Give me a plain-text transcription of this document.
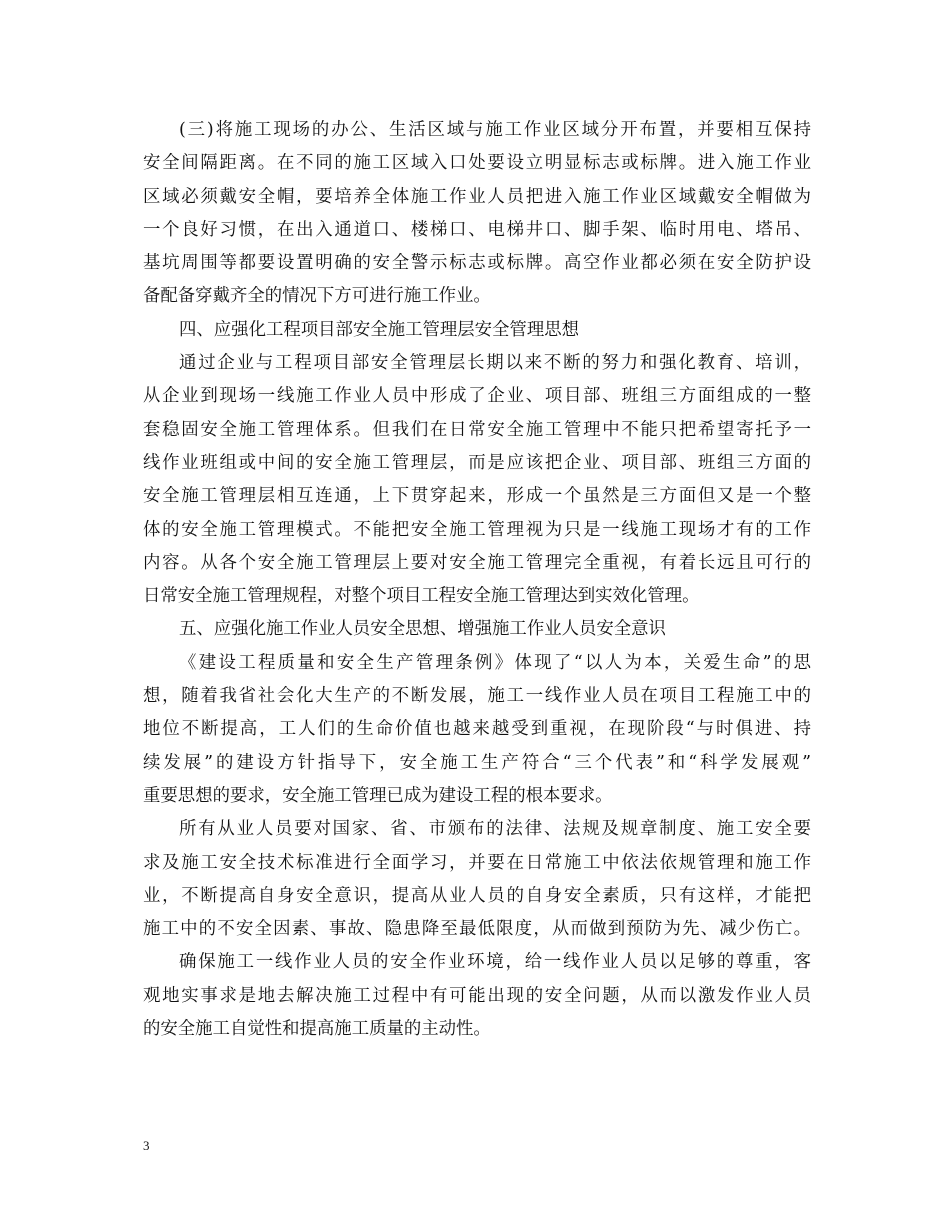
(三)将施工现场的办公、生活区域与施工作业区域分开布置，并要相互保持
安全间隔距离。在不同的施工区域入口处要设立明显标志或标牌。进入施工作业
区域必须戴安全帽，要培养全体施工作业人员把进入施工作业区域戴安全帽做为
一个良好习惯，在出入通道口、楼梯口、电梯井口、脚手架、临时用电、塔吊、
基坑周围等都要设置明确的安全警示标志或标牌。高空作业都必须在安全防护设
备配备穿戴齐全的情况下方可进行施工作业。
四、应强化工程项目部安全施工管理层安全管理思想
通过企业与工程项目部安全管理层长期以来不断的努力和强化教育、培训，
从企业到现场一线施工作业人员中形成了企业、项目部、班组三方面组成的一整
套稳固安全施工管理体系。但我们在日常安全施工管理中不能只把希望寄托予一
线作业班组或中间的安全施工管理层，而是应该把企业、项目部、班组三方面的
安全施工管理层相互连通，上下贯穿起来，形成一个虽然是三方面但又是一个整
体的安全施工管理模式。不能把安全施工管理视为只是一线施工现场才有的工作
内容。从各个安全施工管理层上要对安全施工管理完全重视，有着长远且可行的
日常安全施工管理规程，对整个项目工程安全施工管理达到实效化管理。
五、应强化施工作业人员安全思想、增强施工作业人员安全意识
《建设工程质量和安全生产管理条例》体现了“以人为本，关爱生命”的思
想，随着我省社会化大生产的不断发展，施工一线作业人员在项目工程施工中的
地位不断提高，工人们的生命价值也越来越受到重视，在现阶段“与时俱进、持
续发展”的建设方针指导下，安全施工生产符合“三个代表”和“科学发展观”
重要思想的要求，安全施工管理已成为建设工程的根本要求。
所有从业人员要对国家、省、市颁布的法律、法规及规章制度、施工安全要
求及施工安全技术标准进行全面学习，并要在日常施工中依法依规管理和施工作
业，不断提高自身安全意识，提高从业人员的自身安全素质，只有这样，才能把
施工中的不安全因素、事故、隐患降至最低限度，从而做到预防为先、减少伤亡。
确保施工一线作业人员的安全作业环境，给一线作业人员以足够的尊重，客
观地实事求是地去解决施工过程中有可能出现的安全问题，从而以激发作业人员
的安全施工自觉性和提高施工质量的主动性。
3
